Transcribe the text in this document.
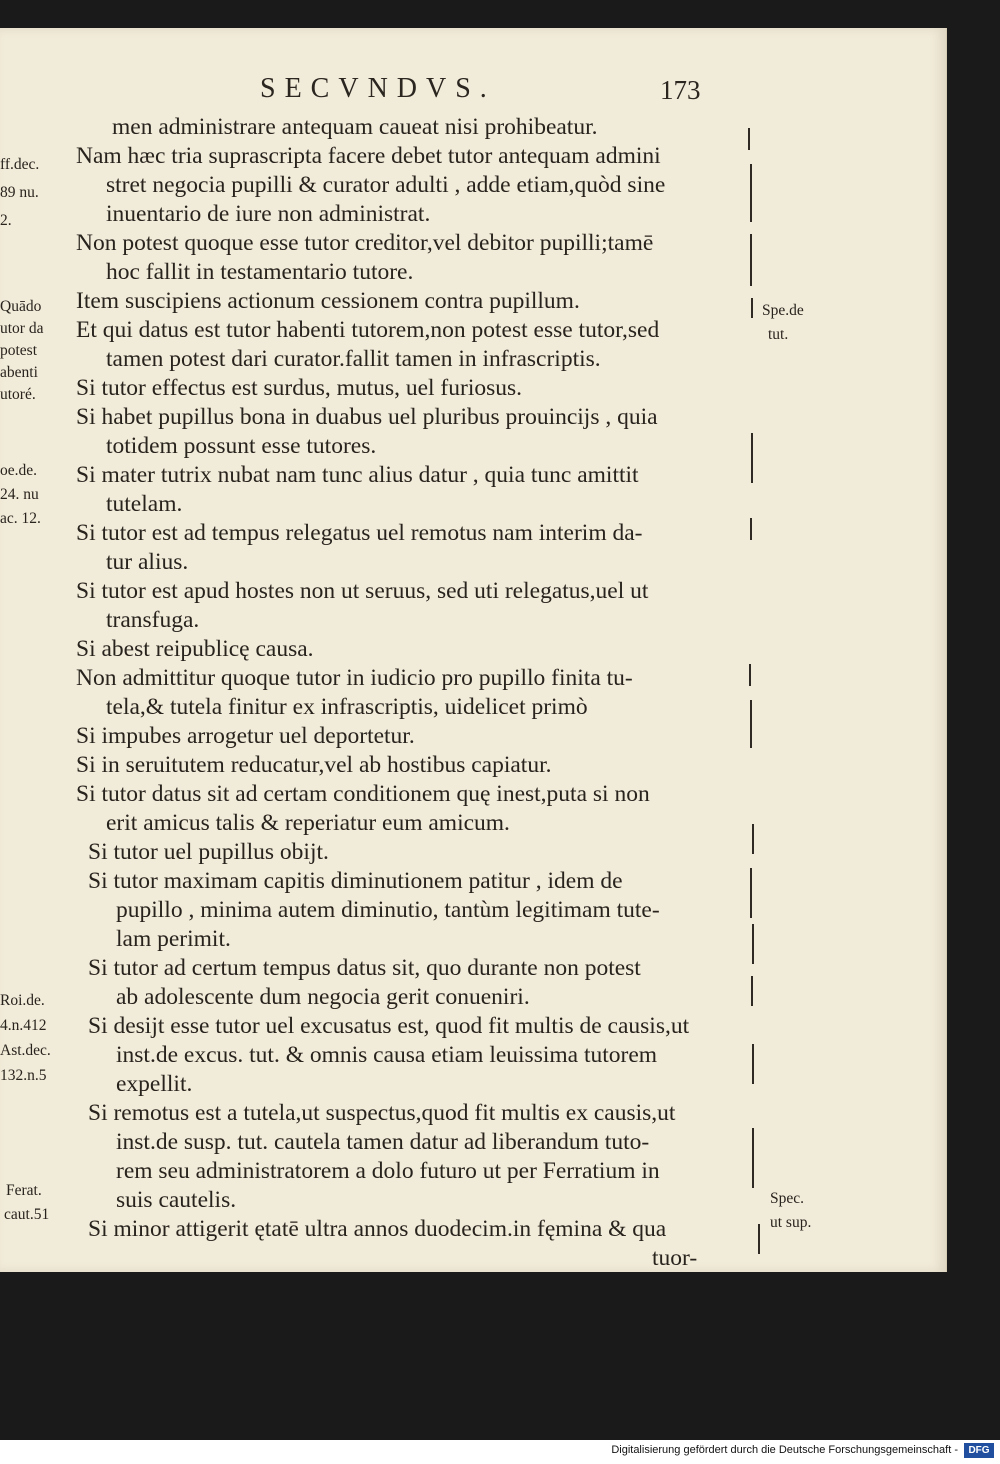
SECVNDVS.	173
men administrare antequam caueat nisi prohibeatur.
Nam hæc tria suprascripta facere debet tutor antequam admini
stret negocia pupilli & curator adulti , adde etiam,quòd sine
inuentario de iure non administrat.
Non potest quoque esse tutor creditor,vel debitor pupilli;tamē
hoc fallit in testamentario tutore.
Item suscipiens actionum cessionem contra pupillum.
Et qui datus est tutor habenti tutorem,non potest esse tutor,sed
tamen potest dari curator.fallit tamen in infrascriptis.
Si tutor effectus est surdus, mutus, uel furiosus.
Si habet pupillus bona in duabus uel pluribus prouincijs , quia
totidem possunt esse tutores.
Si mater tutrix nubat nam tunc alius datur , quia tunc amittit
tutelam.
Si tutor est ad tempus relegatus uel remotus nam interim da-
tur alius.
Si tutor est apud hostes non ut seruus, sed uti relegatus,uel ut
transfuga.
Si abest reipublicę causa.
Non admittitur quoque tutor in iudicio pro pupillo finita tu-
tela,& tutela finitur ex infrascriptis, uidelicet primò
Si impubes arrogetur uel deportetur.
Si in seruitutem reducatur,vel ab hostibus capiatur.
Si tutor datus sit ad certam conditionem quę inest,puta si non
erit amicus talis & reperiatur eum amicum.
Si tutor uel pupillus obijt.
Si tutor maximam capitis diminutionem patitur , idem de
pupillo , minima autem diminutio, tantùm legitimam tute-
lam perimit.
Si tutor ad certum tempus datus sit, quo durante non potest
ab adolescente dum negocia gerit conueniri.
Si desijt esse tutor uel excusatus est, quod fit multis de causis,ut
inst.de excus. tut. & omnis causa etiam leuissima tutorem
expellit.
Si remotus est a tutela,ut suspectus,quod fit multis ex causis,ut
inst.de susp. tut. cautela tamen datur ad liberandum tuto-
rem seu administratorem a dolo futuro ut per Ferratium in
suis cautelis.
Si minor attigerit ętatē ultra annos duodecim.in fęmina & qua
tuor-
ff.dec.
89 nu.
2.
Quādo
utor da
potest
abenti
utoré.
oe.de.
24. nu
ac. 12.
Roi.de.
4.n.412
Ast.dec.
132.n.5
Ferat.
caut.51
Spe.de
tut.
Spec.
ut sup.
Digitalisierung gefördert durch die Deutsche Forschungsgemeinschaft -	DFG
